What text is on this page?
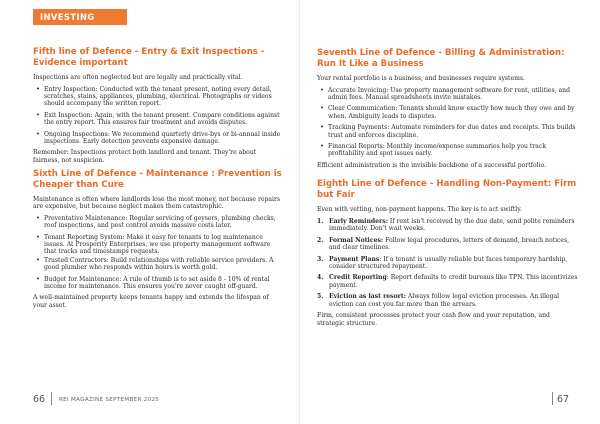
INVESTING
Fifth line of Defence - Entry & Exit Inspections - Evidence important

Inspections are often neglected but are legally and practically vital.

• Entry Inspection: Conducted with the tenant present, noting every detail, scratches, stains, appliances, plumbing, electrical. Photographs or videos should accompany the written report.
• Exit Inspection: Again, with the tenant present. Compare conditions against the entry report. This ensures fair treatment and avoids disputes.
• Ongoing Inspections: We recommend quarterly drive-bys or bi-annual inside inspections. Early detection prevents expensive damage.

Remember: Inspections protect both landlord and tenant. They're about fairness, not suspicion.

Sixth Line of Defence - Maintenance : Prevention is Cheaper than Cure

Maintenance is often where landlords lose the most money, not because repairs are expensive, but because neglect makes them catastrophic.

• Preventative Maintenance: Regular servicing of geysers, plumbing checks, roof inspections, and pest control avoids massive costs later.
• Tenant Reporting System: Make it easy for tenants to log maintenance issues. At Prosperity Enterprises, we use property management software that tracks and timestamps requests.
• Trusted Contractors: Build relationships with reliable service providers. A good plumber who responds within hours is worth gold.
• Budget for Maintenance: A rule of thumb is to set aside 8 - 10% of rental income for maintenance. This ensures you're never caught off-guard.

A well-maintained property keeps tenants happy and extends the lifespan of your asset.

Seventh Line of Defence - Billing & Administration: Run It Like a Business

Your rental portfolio is a business, and businesses require systems.

• Accurate Invoicing: Use property management software for rent, utilities, and admin fees. Manual spreadsheets invite mistakes.
• Clear Communication: Tenants should know exactly how much they owe and by when. Ambiguity leads to disputes.
• Tracking Payments: Automate reminders for due dates and receipts. This builds trust and enforces discipline.
• Financial Reports: Monthly income/expense summaries help you track profitability and spot issues early.

Efficient administration is the invisible backbone of a successful portfolio.

Eighth Line of Defence - Handling Non-Payment: Firm but Fair

Even with vetting, non-payment happens. The key is to act swiftly.

1. Early Reminders: If rent isn't received by the due date, send polite reminders immediately. Don't wait weeks.
2. Formal Notices: Follow legal procedures, letters of demand, breach notices, and clear timelines.
3. Payment Plans: If a tenant is usually reliable but faces temporary hardship, consider structured repayment.
4. Credit Reporting: Report defaults to credit bureaus like TPN. This incentivizes payment.
5. Eviction as last resort: Always follow legal eviction processes. An illegal eviction can cost you far more than the arrears.

Firm, consistent processes protect your cash flow and your reputation, and strategic structure.

66 REI MAGAZINE SEPTEMBER 2025	67
